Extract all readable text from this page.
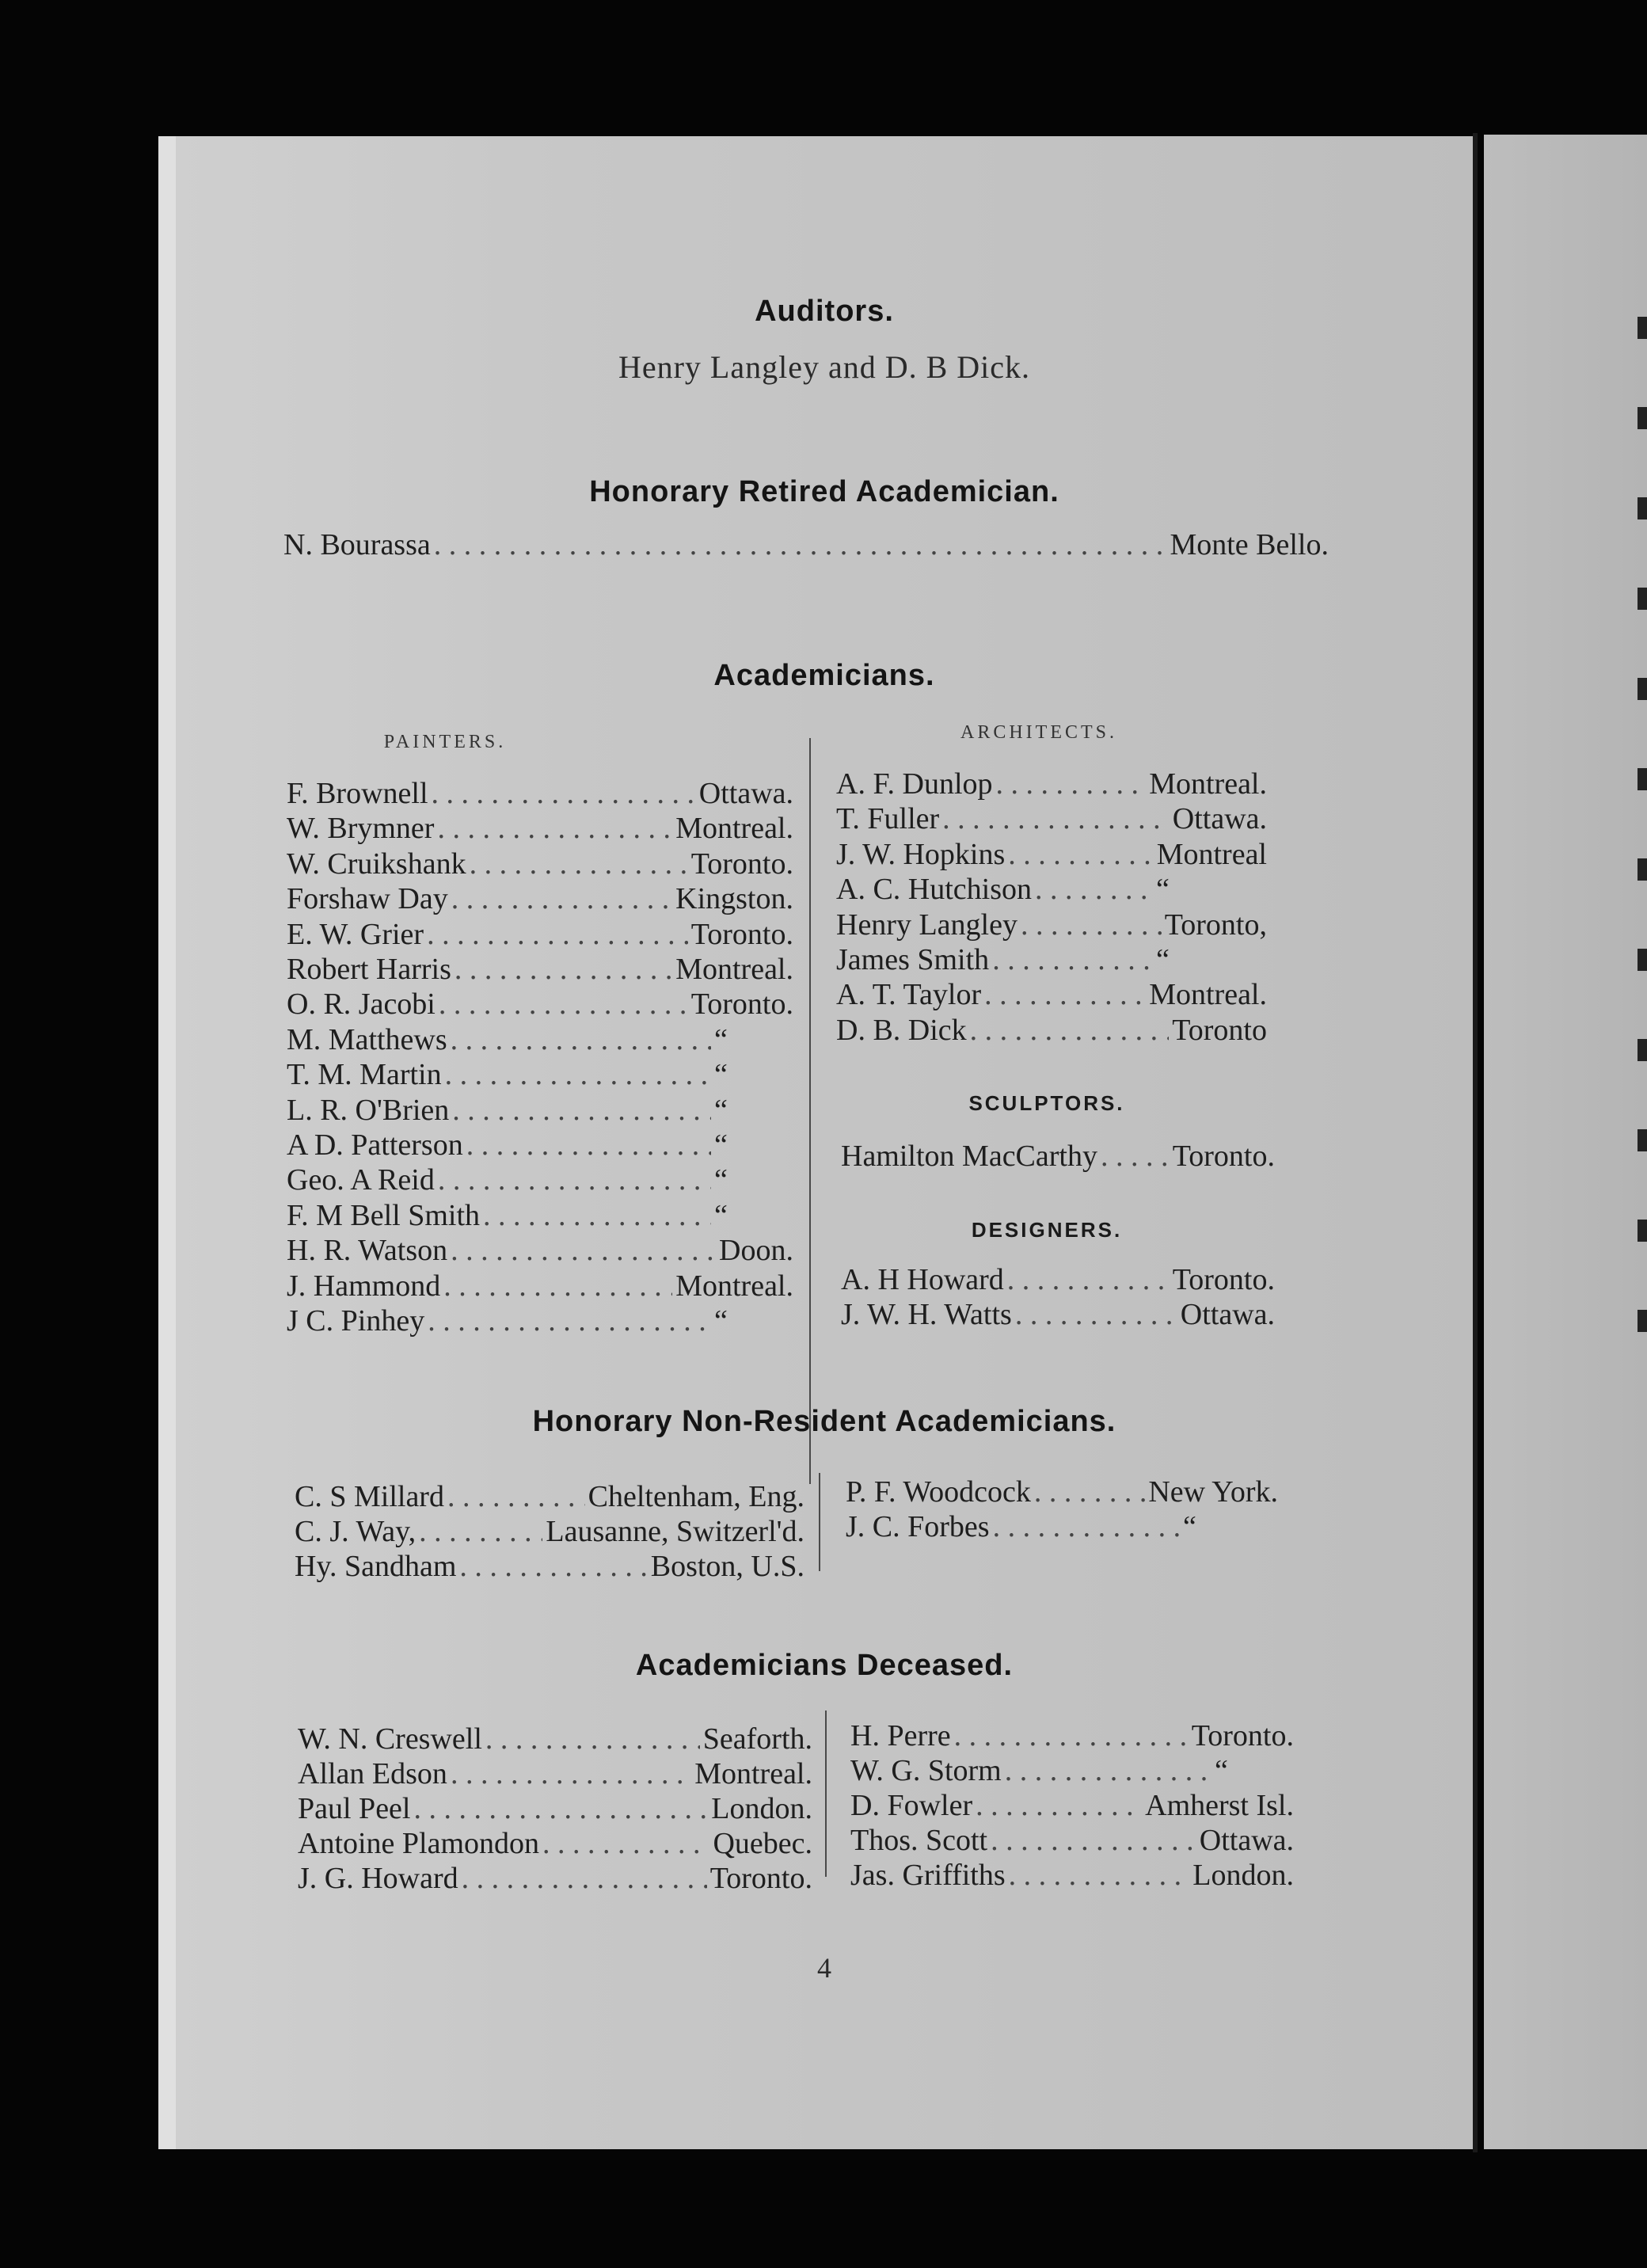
Auditors.
Henry Langley and D. B Dick.
Honorary Retired Academician.
N. Bourassa . . .	Monte Bello.
Academicians.
PAINTERS.	ARCHITECTS.
F. Brownell . . .	Ottawa.
W. Brymner . . .	Montreal.
W. Cruikshank . . .	Toronto.
Forshaw Day . . .	Kingston.
E. W. Grier . . .	Toronto.
Robert Harris . . .	Montreal.
O. R. Jacobi . . .	Toronto.
M. Matthews . . .	“
T. M. Martin . . .	“
L. R. O'Brien . . .	“
A D. Patterson . . .	“
Geo. A Reid . . .	“
F. M Bell Smith . . .	“
H. R. Watson . . .	Doon.
J. Hammond . . .	Montreal.
J C. Pinhey . . .	“
A. F. Dunlop . . .	Montreal.
T. Fuller . . .	Ottawa.
J. W. Hopkins . . .	Montreal
A. C. Hutchison . . .	“
Henry Langley . . .	Toronto,
James Smith . . .	“
A. T. Taylor . . .	Montreal.
D. B. Dick . . .	Toronto
SCULPTORS.
Hamilton MacCarthy . . . Toronto.
DESIGNERS.
A. H Howard . . .	Toronto.
J. W. H. Watts . . .	Ottawa.
Honorary Non-Resident Academicians.
C. S Millard . . .	Cheltenham, Eng.
C. J. Way, . . .	Lausanne, Switzerl'd.
Hy. Sandham . . .	Boston, U.S.
P. F. Woodcock . . .	New York.
J. C. Forbes . . .	“
Academicians Deceased.
W. N. Creswell . . .	Seaforth.
Allan Edson . . .	Montreal.
Paul Peel . . .	London.
Antoine Plamondon . . .	Quebec.
J. G. Howard . . .	Toronto.
H. Perre . . .	Toronto.
W. G. Storm . . .	“
D. Fowler . . .	Amherst Isl.
Thos. Scott . . .	Ottawa.
Jas. Griffiths . . .	London.
4
